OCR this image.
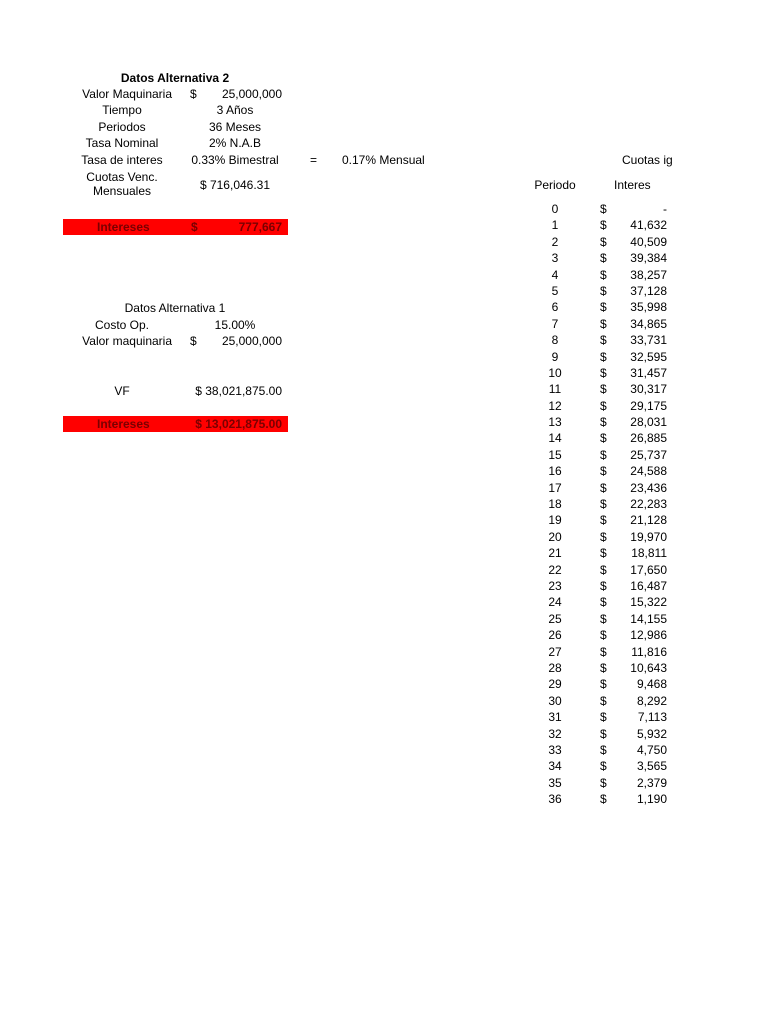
Datos Alternativa 2
Valor Maquinaria $	25,000,000
Tiempo	3 Años
Periodos	36 Meses
Tasa Nominal	2% N.A.B
Tasa de interes	0.33% Bimestral	= 0.17% Mensual
Cuotas Venc.
Mensuales	$ 716,046.31
Intereses	$	777,667
Datos Alternativa 1
Costo Op.	15.00%
Valor maquinaria $	25,000,000
VF	$ 38,021,875.00
Intereses	$ 13,021,875.00
Cuotas ig
Periodo	Interes
0	$	-
1	$ 41,632
2	$ 40,509
3	$ 39,384
4	$ 38,257
5	$ 37,128
6	$ 35,998
7	$ 34,865
8	$ 33,731
9	$ 32,595
10	$ 31,457
11	$ 30,317
12	$ 29,175
13	$ 28,031
14	$ 26,885
15	$ 25,737
16	$ 24,588
17	$ 23,436
18	$ 22,283
19	$ 21,128
20	$ 19,970
21	$ 18,811
22	$ 17,650
23	$ 16,487
24	$ 15,322
25	$ 14,155
26	$ 12,986
27	$ 11,816
28	$ 10,643
29	$	9,468
30	$	8,292
31	$	7,113
32	$	5,932
33	$	4,750
34	$	3,565
35	$	2,379
36	$	1,190
